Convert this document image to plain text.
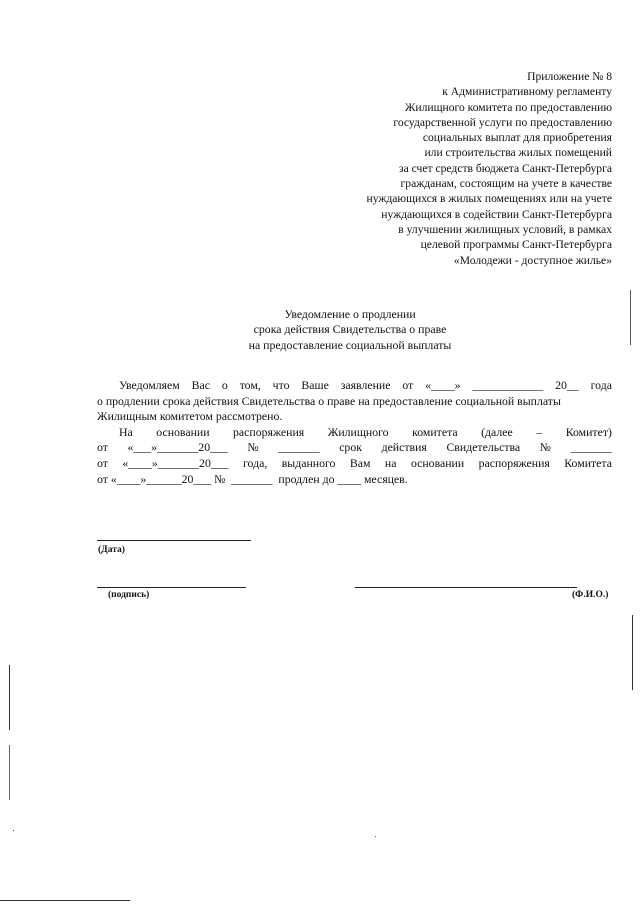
Приложение № 8
к Административному регламенту
Жилищного комитета по предоставлению
государственной услуги по предоставлению
социальных выплат для приобретения
или строительства жилых помещений
за счет средств бюджета Санкт-Петербурга
гражданам, состоящим на учете в качестве
нуждающихся в жилых помещениях или на учете
нуждающихся в содействии Санкт-Петербурга
в улучшении жилищных условий, в рамках
целевой программы Санкт-Петербурга
«Молодежи - доступное жилье»
Уведомление о продлении
срока действия Свидетельства о праве
на предоставление социальной выплаты
Уведомляем Вас о том, что Ваше заявление от «____» ____________ 20__ года
о продлении срока действия Свидетельства о праве на предоставление социальной выплаты
Жилищным комитетом рассмотрено.
На основании распоряжения Жилищного комитета (далее – Комитет)
от «___»_______20___ № _______ срок действия Свидетельства № _______
от «____»_______20___ года, выданного Вам на основании распоряжения Комитета
от «____»______20___ №  _______  продлен до ____ месяцев.
(Дата)
(подпись)	(Ф.И.О.)
